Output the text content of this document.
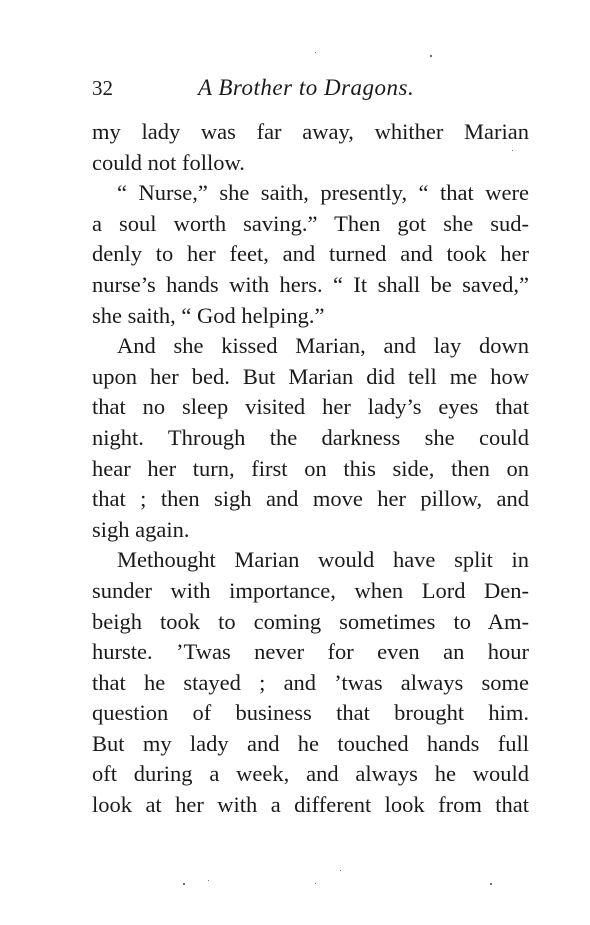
32	A Brother to Dragons.
my lady was far away, whither Marian
could not follow.
“ Nurse,” she saith, presently, “ that were
a soul worth saving.” Then got she sud-
denly to her feet, and turned and took her
nurse’s hands with hers. “ It shall be saved,”
she saith, “ God helping.”
And she kissed Marian, and lay down
upon her bed. But Marian did tell me how
that no sleep visited her lady’s eyes that
night. Through the darkness she could
hear her turn, first on this side, then on
that ; then sigh and move her pillow, and
sigh again.
Methought Marian would have split in
sunder with importance, when Lord Den-
beigh took to coming sometimes to Am-
hurste. ’Twas never for even an hour
that he stayed ; and ’twas always some
question of business that brought him.
But my lady and he touched hands full
oft during a week, and always he would
look at her with a different look from that
